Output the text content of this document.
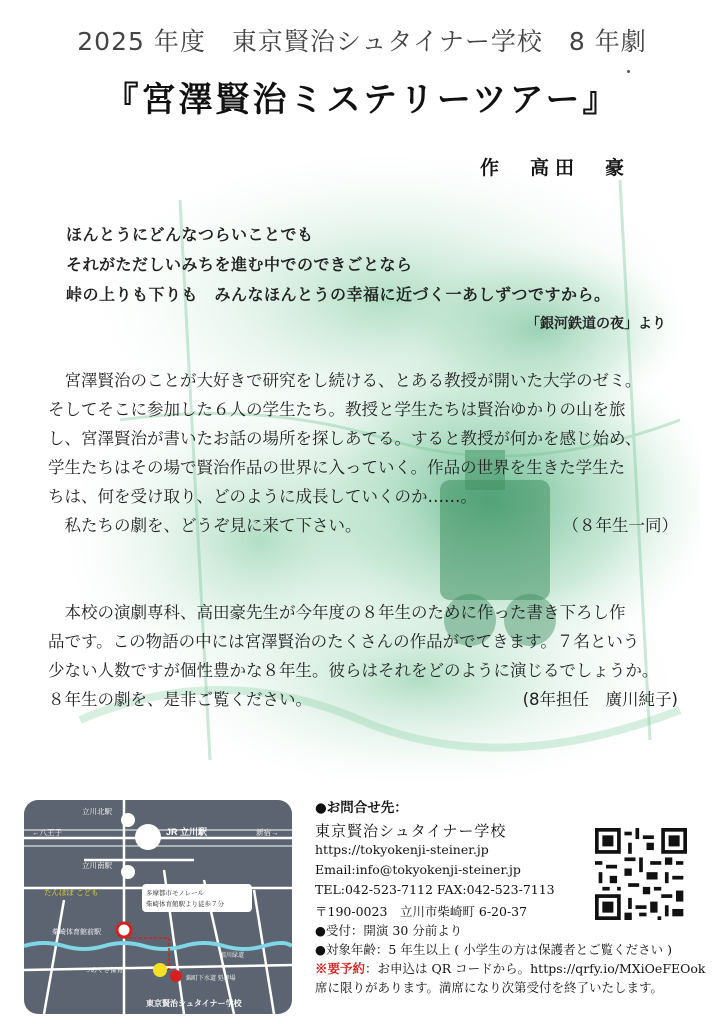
2025 年度　東京賢治シュタイナー学校　8 年劇
『宮澤賢治ミステリーツアー』
作　高田　豪
ほんとうにどんなつらいことでも
それがただしいみちを進む中でのできごとなら
峠の上りも下りも　みんなほんとうの幸福に近づく一あしずつですから。
「銀河鉄道の夜」より

　宮澤賢治のことが大好きで研究をし続ける、とある教授が開いた大学のゼミ。

そしてそこに参加した６人の学生たち。教授と学生たちは賢治ゆかりの山を旅

し、宮澤賢治が書いたお話の場所を探しあてる。すると教授が何かを感じ始め、

学生たちはその場で賢治作品の世界に入っていく。作品の世界を生きた学生た

ちは、何を受け取り、どのように成長していくのか……。

　私たちの劇を、どうぞ見に来て下さい。	（８年生一同）

　本校の演劇専科、高田豪先生が今年度の８年生のために作った書き下ろし作

品です。この物語の中には宮澤賢治のたくさんの作品がでてきます。７名という

少ない人数ですが個性豊かな８年生。彼らはそれをどのように演じるでしょうか。

８年生の劇を、是非ご覧ください。	(8年担任　廣川純子)

立川北駅
←八王子	JR 立川駅	新宿→
立川南駅
たんぽぽ こども
柴崎体育館前駅
根川緑道
つめくさ保育
錦町下水道 処理場
東京賢治シュタイナー学校
多摩都市モノレール
柴崎体育館駅より徒歩７分
●お問合せ先：
東京賢治シュタイナー学校
https://tokyokenji-steiner.jp
Email:info@tokyokenji-steiner.jp
TEL:042-523-7112 FAX:042-523-7113
〒190-0023　立川市柴崎町 6-20-37
●受付：開演 30 分前より
●対象年齢：5 年生以上 ( 小学生の方は保護者とご覧ください )
※要予約：お申込は QR コードから。https://qrfy.io/MXiOeFEOok
席に限りがあります。満席になり次第受付を終了いたします。
